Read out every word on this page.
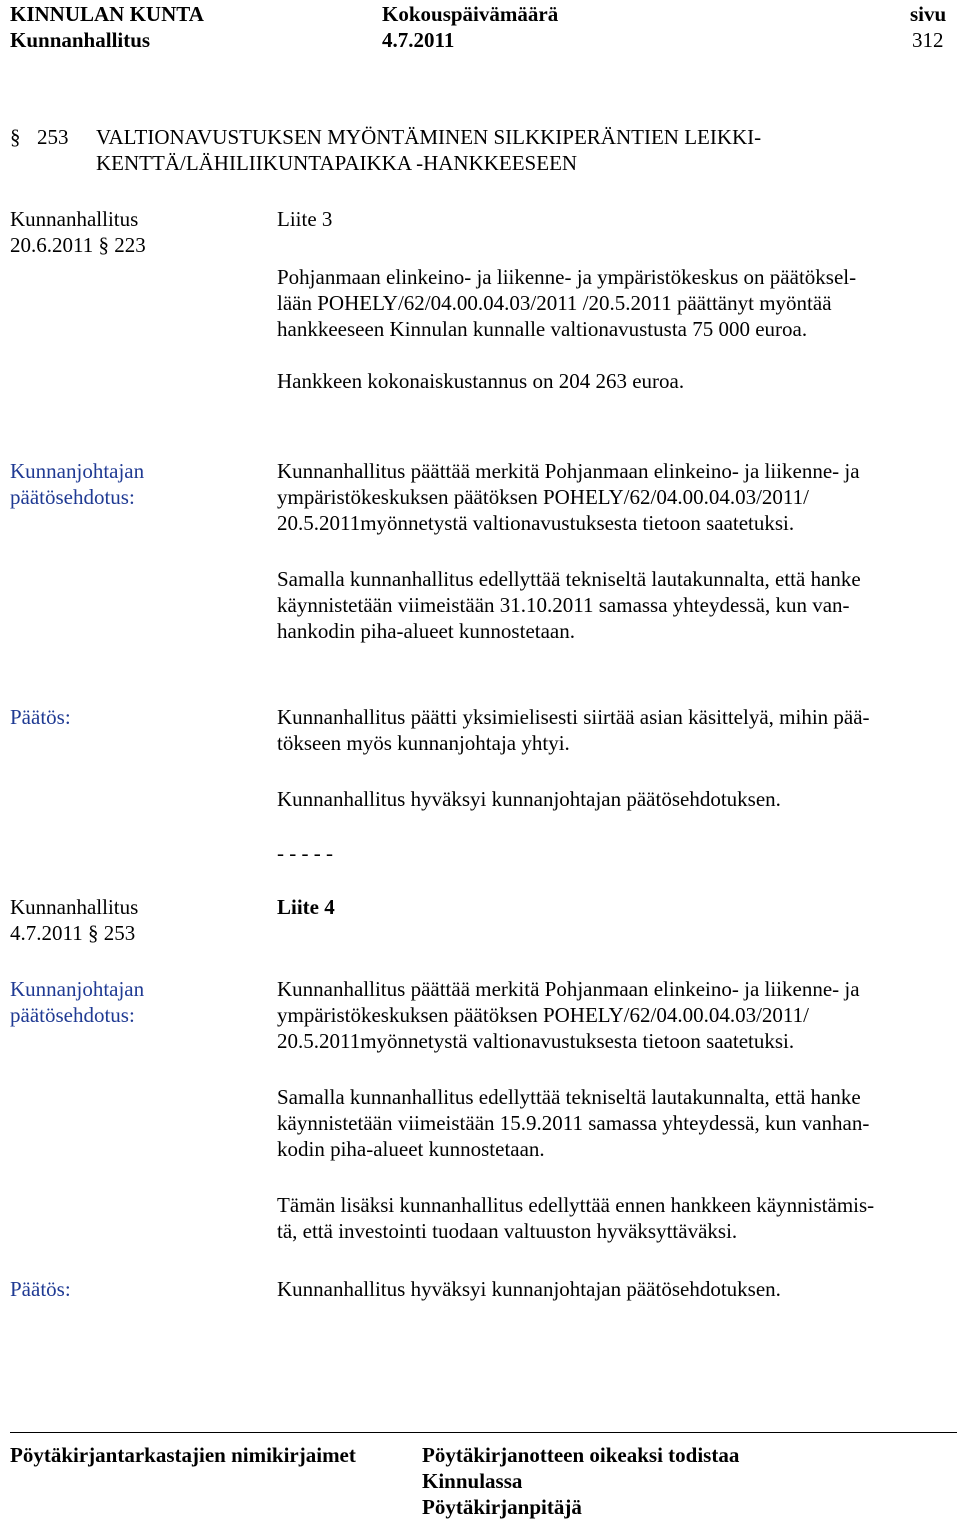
KINNULAN KUNTA
Kunnanhallitus
Kokouspäivämäärä
4.7.2011
sivu
312
§ 253 VALTIONAVUSTUKSEN MYÖNTÄMINEN SILKKIPERÄNTIEN LEIKKI-
KENTTÄ/LÄHILIIKUNTAPAIKKA -HANKKEESEEN
Kunnanhallitus
20.6.2011 § 223
Liite 3
Pohjanmaan elinkeino- ja liikenne- ja ympäristökeskus on päätöksel-
lään POHELY/62/04.00.04.03/2011 /20.5.2011 päättänyt myöntää
hankkeeseen Kinnulan kunnalle valtionavustusta 75 000 euroa.
Hankkeen kokonaiskustannus on 204 263 euroa.
Kunnanjohtajan
päätösehdotus:
Kunnanhallitus päättää merkitä Pohjanmaan elinkeino- ja liikenne- ja
ympäristökeskuksen päätöksen POHELY/62/04.00.04.03/2011/
20.5.2011myönnetystä valtionavustuksesta tietoon saatetuksi.
Samalla kunnanhallitus edellyttää tekniseltä lautakunnalta, että hanke
käynnistetään viimeistään 31.10.2011 samassa yhteydessä, kun van-
hankodin piha-alueet kunnostetaan.
Päätös:	Kunnanhallitus päätti yksimielisesti siirtää asian käsittelyä, mihin pää-
tökseen myös kunnanjohtaja yhtyi.
Kunnanhallitus hyväksyi kunnanjohtajan päätösehdotuksen.
- - - - -
Kunnanhallitus
4.7.2011 § 253
Liite 4
Kunnanjohtajan
päätösehdotus:
Kunnanhallitus päättää merkitä Pohjanmaan elinkeino- ja liikenne- ja
ympäristökeskuksen päätöksen POHELY/62/04.00.04.03/2011/
20.5.2011myönnetystä valtionavustuksesta tietoon saatetuksi.
Samalla kunnanhallitus edellyttää tekniseltä lautakunnalta, että hanke
käynnistetään viimeistään 15.9.2011 samassa yhteydessä, kun vanhan-
kodin piha-alueet kunnostetaan.
Tämän lisäksi kunnanhallitus edellyttää ennen hankkeen käynnistämis-
tä, että investointi tuodaan valtuuston hyväksyttäväksi.
Päätös:	Kunnanhallitus hyväksyi kunnanjohtajan päätösehdotuksen.
Pöytäkirjantarkastajien nimikirjaimet	Pöytäkirjanotteen oikeaksi todistaa
Kinnulassa
Pöytäkirjanpitäjä
